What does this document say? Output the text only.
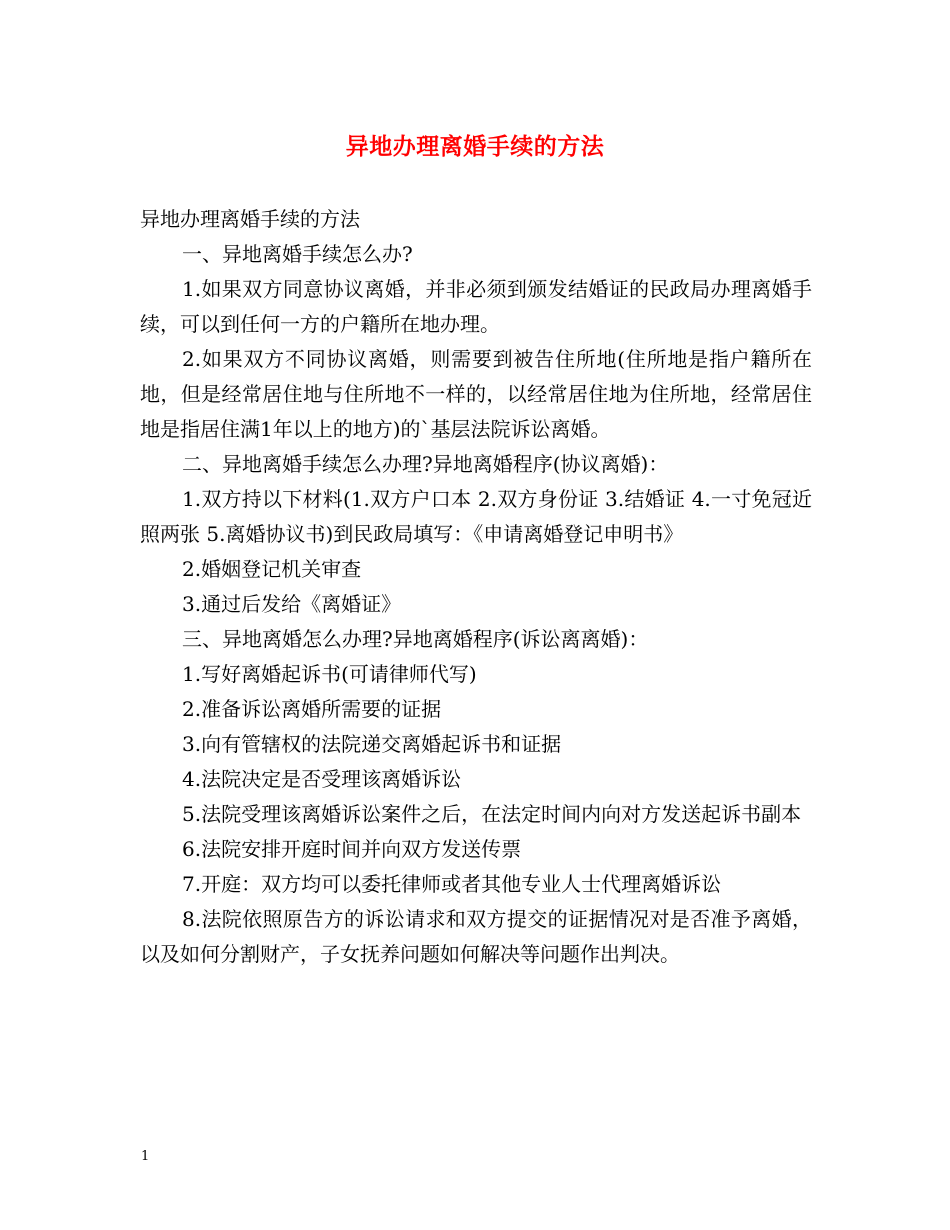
异地办理离婚手续的方法

异地办理离婚手续的方法

一、异地离婚手续怎么办?

1.如果双方同意协议离婚，并非必须到颁发结婚证的民政局办理离婚手续，可以到任何一方的户籍所在地办理。

2.如果双方不同协议离婚，则需要到被告住所地(住所地是指户籍所在地，但是经常居住地与住所地不一样的，以经常居住地为住所地，经常居住地是指居住满1年以上的地方)的`基层法院诉讼离婚。

二、异地离婚手续怎么办理?异地离婚程序(协议离婚)：

1.双方持以下材料(1.双方户口本 2.双方身份证 3.结婚证 4.一寸免冠近照两张 5.离婚协议书)到民政局填写：《申请离婚登记申明书》

2.婚姻登记机关审查

3.通过后发给《离婚证》

三、异地离婚怎么办理?异地离婚程序(诉讼离离婚)：

1.写好离婚起诉书(可请律师代写)

2.准备诉讼离婚所需要的证据

3.向有管辖权的法院递交离婚起诉书和证据

4.法院决定是否受理该离婚诉讼

5.法院受理该离婚诉讼案件之后，在法定时间内向对方发送起诉书副本

6.法院安排开庭时间并向双方发送传票

7.开庭：双方均可以委托律师或者其他专业人士代理离婚诉讼

8.法院依照原告方的诉讼请求和双方提交的证据情况对是否准予离婚，以及如何分割财产，子女抚养问题如何解决等问题作出判决。

1
